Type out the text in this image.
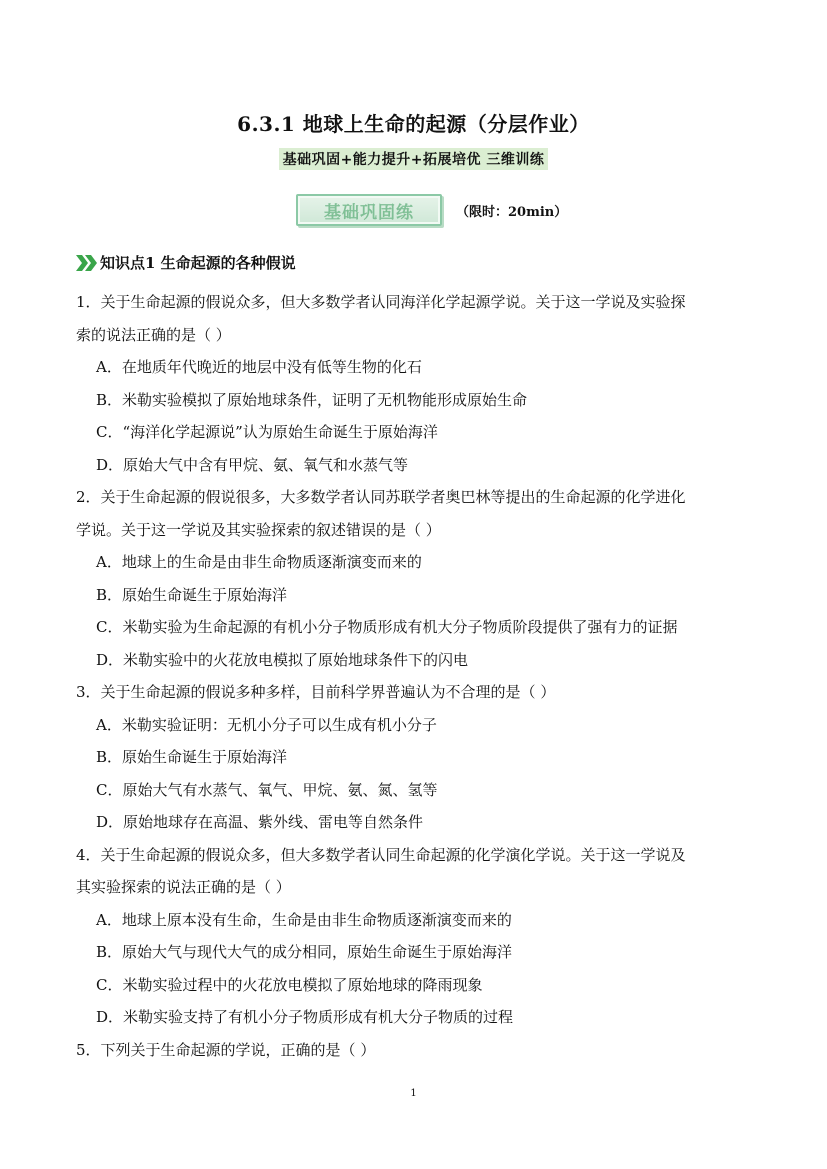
6.3.1 地球上生命的起源（分层作业）
基础巩固+能力提升+拓展培优 三维训练
基础巩固练	（限时：20min）
知识点1 生命起源的各种假说
1．关于生命起源的假说众多，但大多数学者认同海洋化学起源学说。关于这一学说及实验探
索的说法正确的是（ ）
A．在地质年代晚近的地层中没有低等生物的化石
B．米勒实验模拟了原始地球条件，证明了无机物能形成原始生命
C．“海洋化学起源说”认为原始生命诞生于原始海洋
D．原始大气中含有甲烷、氨、氧气和水蒸气等
2．关于生命起源的假说很多，大多数学者认同苏联学者奥巴林等提出的生命起源的化学进化
学说。关于这一学说及其实验探索的叙述错误的是（ ）
A．地球上的生命是由非生命物质逐渐演变而来的
B．原始生命诞生于原始海洋
C．米勒实验为生命起源的有机小分子物质形成有机大分子物质阶段提供了强有力的证据
D．米勒实验中的火花放电模拟了原始地球条件下的闪电
3．关于生命起源的假说多种多样，目前科学界普遍认为不合理的是（ ）
A．米勒实验证明：无机小分子可以生成有机小分子
B．原始生命诞生于原始海洋
C．原始大气有水蒸气、氧气、甲烷、氨、氮、氢等
D．原始地球存在高温、紫外线、雷电等自然条件
4．关于生命起源的假说众多，但大多数学者认同生命起源的化学演化学说。关于这一学说及
其实验探索的说法正确的是（ ）
A．地球上原本没有生命，生命是由非生命物质逐渐演变而来的
B．原始大气与现代大气的成分相同，原始生命诞生于原始海洋
C．米勒实验过程中的火花放电模拟了原始地球的降雨现象
D．米勒实验支持了有机小分子物质形成有机大分子物质的过程
5．下列关于生命起源的学说，正确的是（ ）
1
